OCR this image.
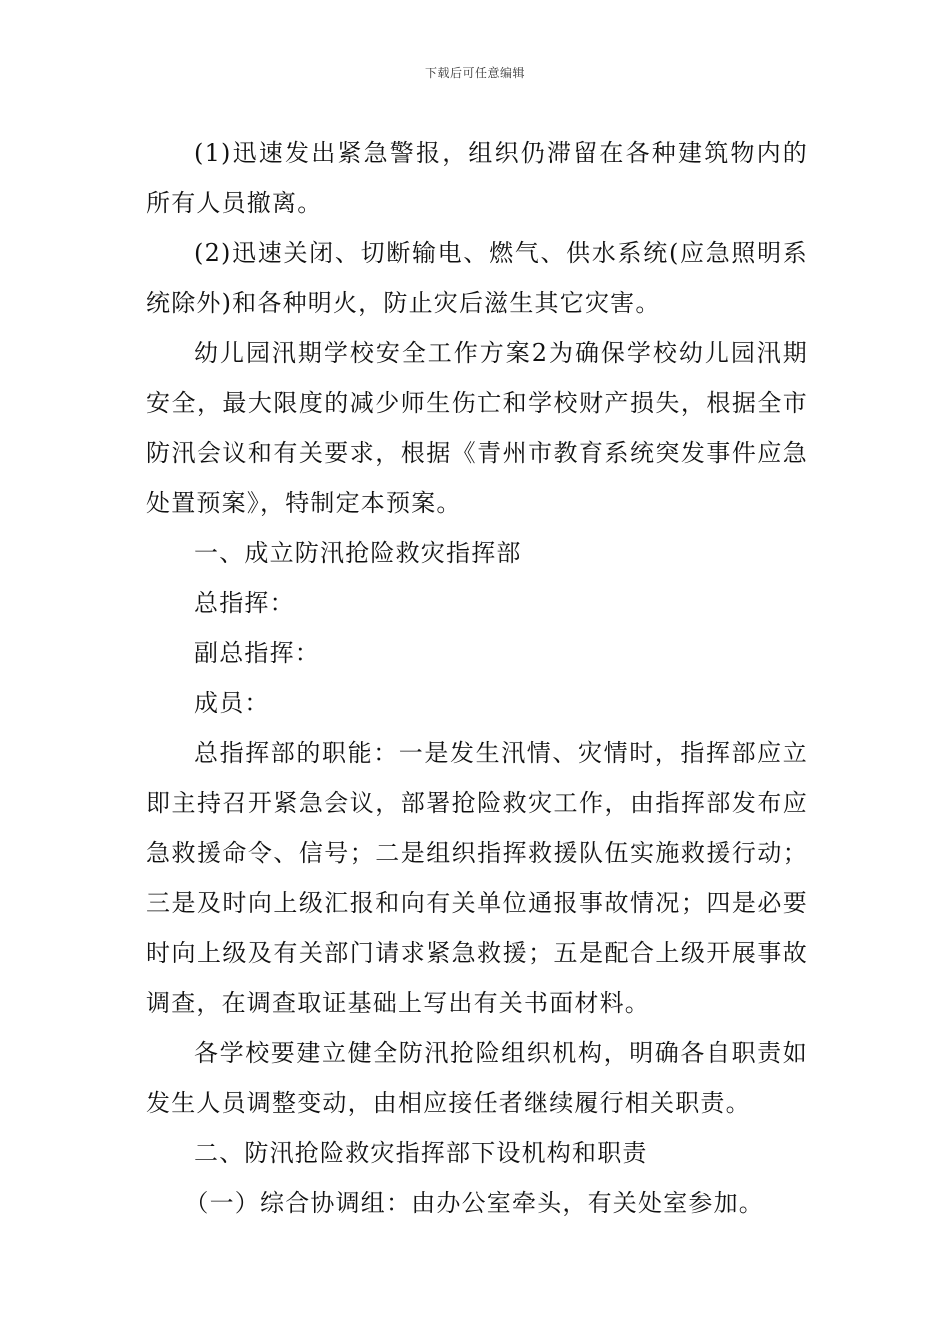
下载后可任意编辑

(1)迅速发出紧急警报，组织仍滞留在各种建筑物内的所有人员撤离。

(2)迅速关闭、切断输电、燃气、供水系统(应急照明系统除外)和各种明火，防止灾后滋生其它灾害。

幼儿园汛期学校安全工作方案2为确保学校幼儿园汛期安全，最大限度的减少师生伤亡和学校财产损失，根据全市防汛会议和有关要求，根据《青州市教育系统突发事件应急处置预案》，特制定本预案。

一、成立防汛抢险救灾指挥部

总指挥：

副总指挥：

成员：

总指挥部的职能：一是发生汛情、灾情时，指挥部应立即主持召开紧急会议，部署抢险救灾工作，由指挥部发布应急救援命令、信号；二是组织指挥救援队伍实施救援行动；三是及时向上级汇报和向有关单位通报事故情况；四是必要时向上级及有关部门请求紧急救援；五是配合上级开展事故调查，在调查取证基础上写出有关书面材料。

各学校要建立健全防汛抢险组织机构，明确各自职责如发生人员调整变动，由相应接任者继续履行相关职责。

二、防汛抢险救灾指挥部下设机构和职责

（一）综合协调组：由办公室牵头，有关处室参加。
